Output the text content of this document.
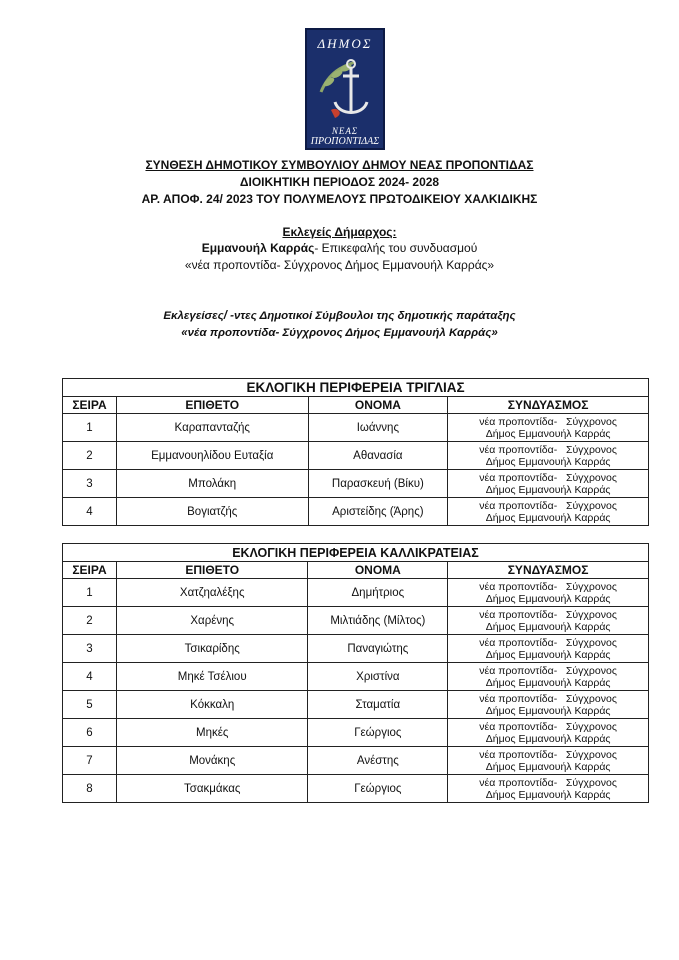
ΔΗΜΟΣ
ΝΕΑΣ
ΠΡΟΠΟΝΤΙΔΑΣ
ΣΥΝΘΕΣΗ ΔΗΜΟΤΙΚΟΥ ΣΥΜΒΟΥΛΙΟΥ ΔΗΜΟΥ ΝΕΑΣ ΠΡΟΠΟΝΤΙΔΑΣ
ΔΙΟΙΚΗΤΙΚΗ ΠΕΡΙΟΔΟΣ 2024- 2028
ΑΡ. ΑΠΟΦ. 24/ 2023 ΤΟΥ ΠΟΛΥΜΕΛΟΥΣ ΠΡΩΤΟΔΙΚΕΙΟΥ ΧΑΛΚΙΔΙΚΗΣ
Εκλεγείς Δήμαρχος:
Εμμανουήλ Καρράς- Επικεφαλής του συνδυασμού
«νέα προποντίδα- Σύγχρονος Δήμος Εμμανουήλ Καρράς»
Εκλεγείσες/ -ντες Δημοτικοί Σύμβουλοι της δημοτικής παράταξης
«νέα προποντίδα- Σύγχρονος Δήμος Εμμανουήλ Καρράς»
ΕΚΛΟΓΙΚΗ ΠΕΡΙΦΕΡΕΙΑ ΤΡΙΓΛΙΑΣ			
ΣΕΙΡΑ	ΕΠΙΘΕΤΟ	ΟΝΟΜΑ	ΣΥΝΔΥΑΣΜΟΣ
1	Καραπανταζής	Ιωάννης	νέα προποντίδα-   Σύγχρονος
Δήμος Εμμανουήλ Καρράς

2	Εμμανουηλίδου Ευταξία	Αθανασία	νέα προποντίδα-   Σύγχρονος
Δήμος Εμμανουήλ Καρράς

3	Μπολάκη	Παρασκευή (Βίκυ)	νέα προποντίδα-   Σύγχρονος
Δήμος Εμμανουήλ Καρράς

4	Βογιατζής	Αριστείδης (Άρης)	νέα προποντίδα-   Σύγχρονος
Δήμος Εμμανουήλ Καρράς
ΕΚΛΟΓΙΚΗ ΠΕΡΙΦΕΡΕΙΑ ΚΑΛΛΙΚΡΑΤΕΙΑΣ			
ΣΕΙΡΑ	ΕΠΙΘΕΤΟ	ΟΝΟΜΑ	ΣΥΝΔΥΑΣΜΟΣ
1	Χατζηαλέξης	Δημήτριος	νέα προποντίδα-   Σύγχρονος
Δήμος Εμμανουήλ Καρράς

2	Χαρένης	Μιλτιάδης (Μίλτος)	νέα προποντίδα-   Σύγχρονος
Δήμος Εμμανουήλ Καρράς

3	Τσικαρίδης	Παναγιώτης	νέα προποντίδα-   Σύγχρονος
Δήμος Εμμανουήλ Καρράς

4	Μηκέ Τσέλιου	Χριστίνα	νέα προποντίδα-   Σύγχρονος
Δήμος Εμμανουήλ Καρράς

5	Κόκκαλη	Σταματία	νέα προποντίδα-   Σύγχρονος
Δήμος Εμμανουήλ Καρράς

6	Μηκές	Γεώργιος	νέα προποντίδα-   Σύγχρονος
Δήμος Εμμανουήλ Καρράς

7	Μονάκης	Ανέστης	νέα προποντίδα-   Σύγχρονος
Δήμος Εμμανουήλ Καρράς

8	Τσακμάκας	Γεώργιος	νέα προποντίδα-   Σύγχρονος
Δήμος Εμμανουήλ Καρράς
